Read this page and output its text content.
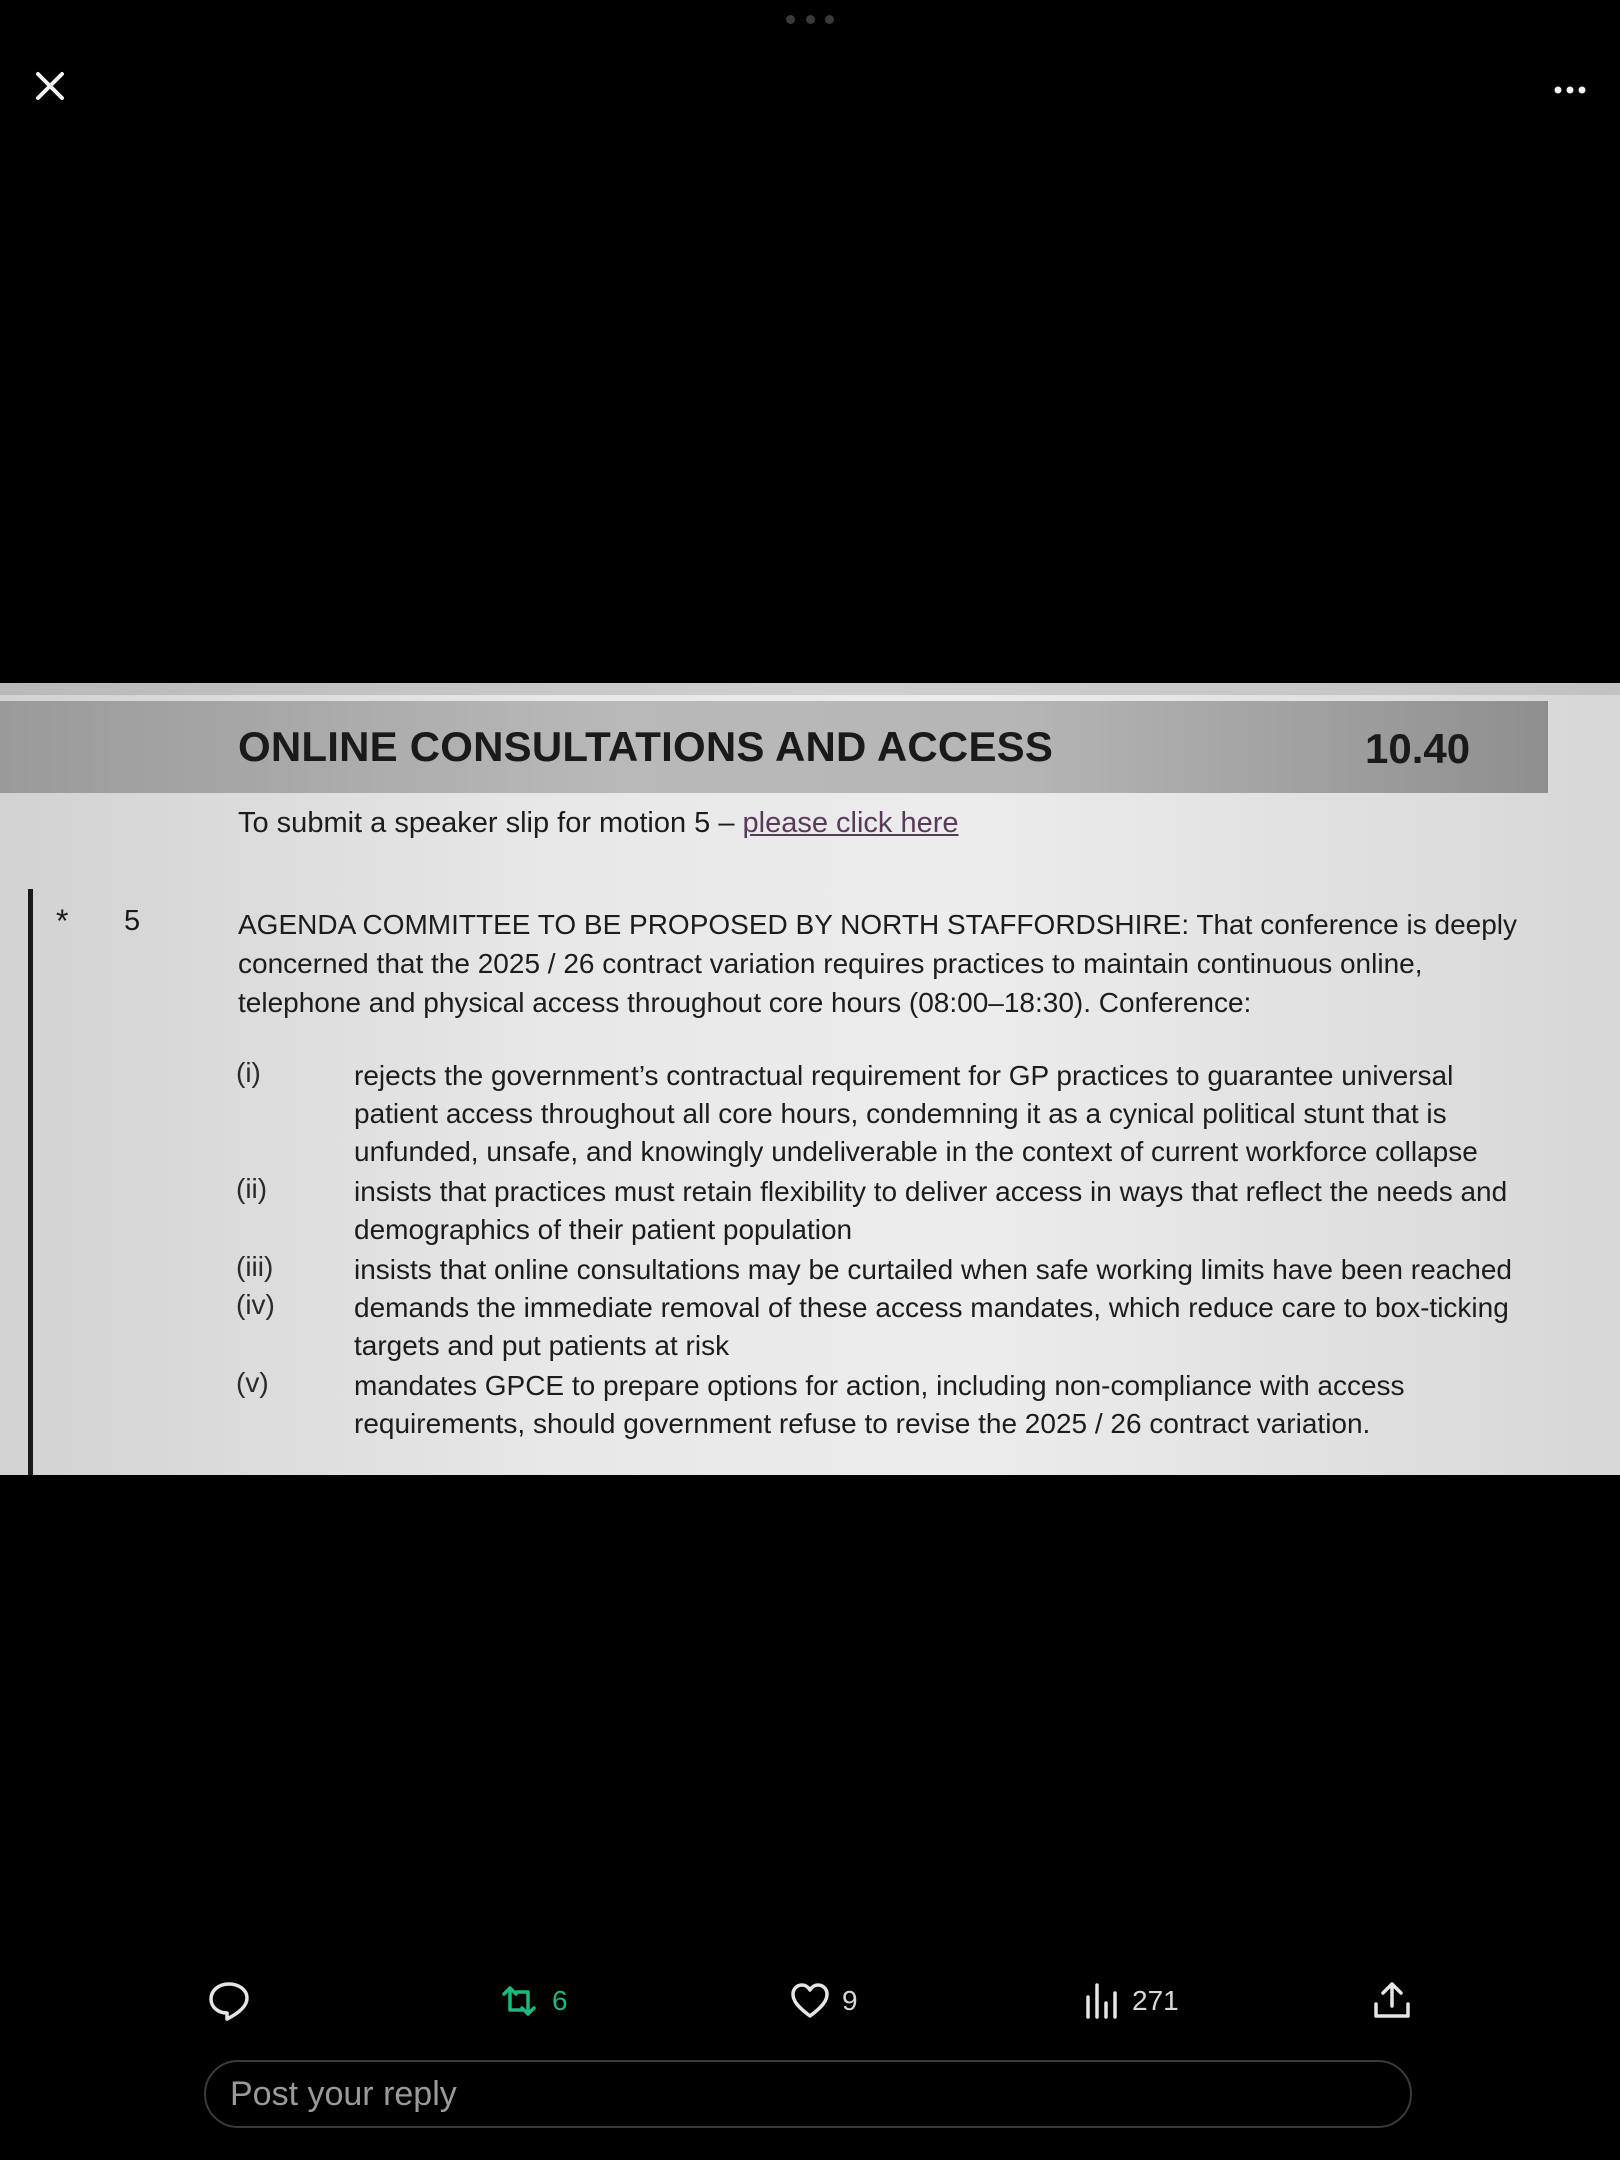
ONLINE CONSULTATIONS AND ACCESS	10.40
To submit a speaker slip for motion 5 – please click here
* 5	AGENDA COMMITTEE TO BE PROPOSED BY NORTH STAFFORDSHIRE: That conference is deeply concerned that the 2025 / 26 contract variation requires practices to maintain continuous online, telephone and physical access throughout core hours (08:00–18:30). Conference:
(i)	rejects the government’s contractual requirement for GP practices to guarantee universal patient access throughout all core hours, condemning it as a cynical political stunt that is unfunded, unsafe, and knowingly undeliverable in the context of current workforce collapse
(ii)	insists that practices must retain flexibility to deliver access in ways that reflect the needs and demographics of their patient population
(iii)	insists that online consultations may be curtailed when safe working limits have been reached
(iv)	demands the immediate removal of these access mandates, which reduce care to box-ticking targets and put patients at risk
(v)	mandates GPCE to prepare options for action, including non-compliance with access requirements, should government refuse to revise the 2025 / 26 contract variation.
6	9	271
Post your reply
